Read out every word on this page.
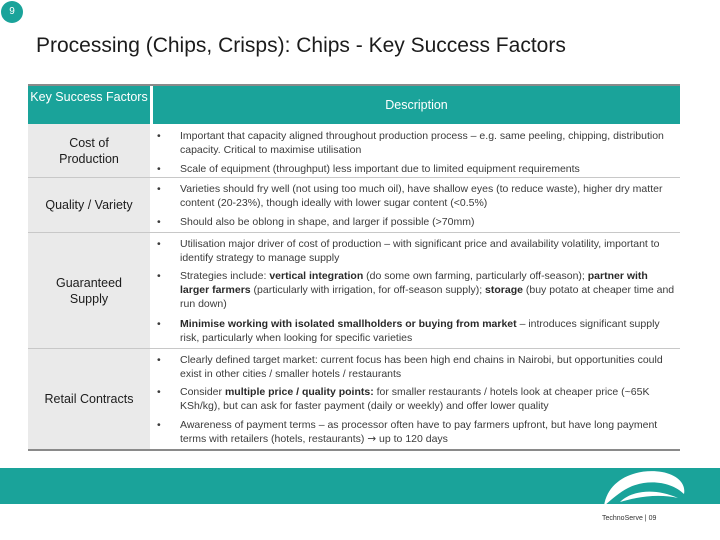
9
Processing (Chips, Crisps): Chips - Key Success Factors
Key Success Factors
Description
Cost of Production
• Important that capacity aligned throughout production process – e.g. same peeling, chipping, distribution capacity. Critical to maximise utilisation
• Scale of equipment (throughput) less important due to limited equipment requirements
Quality / Variety
• Varieties should fry well (not using too much oil), have shallow eyes (to reduce waste), higher dry matter content (20-23%), though ideally with lower sugar content (<0.5%)
• Should also be oblong in shape, and larger if possible (>70mm)
Guaranteed Supply
• Utilisation major driver of cost of production – with significant price and availability volatility, important to identify strategy to manage supply
• Strategies include: vertical integration (do some own farming, particularly off-season); partner with larger farmers (particularly with irrigation, for off-season supply); storage (buy potato at cheaper time and run down)
• Minimise working with isolated smallholders or buying from market – introduces significant supply risk, particularly when looking for specific varieties
Retail Contracts
• Clearly defined target market: current focus has been high end chains in Nairobi, but opportunities could exist in other cities / smaller hotels / restaurants
• Consider multiple price / quality points: for smaller restaurants / hotels look at cheaper price (~65K KSh/kg), but can ask for faster payment (daily or weekly) and offer lower quality
• Awareness of payment terms – as processor often have to pay farmers upfront, but have long payment terms with retailers (hotels, restaurants) → up to 120 days
TechnoServe | 09
